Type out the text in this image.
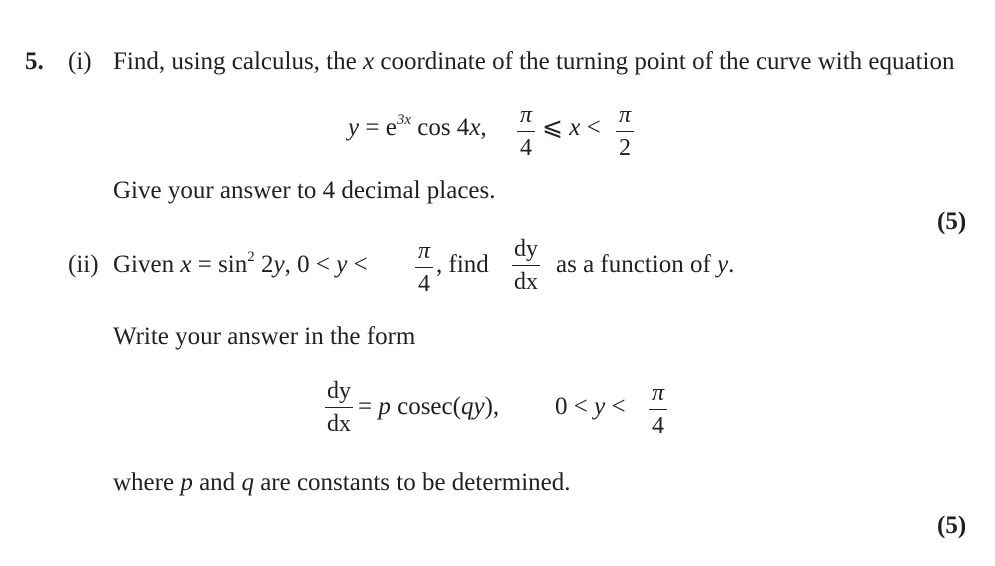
5. (i) Find, using calculus, the x coordinate of the turning point of the curve with equation
$y = e^{3x}$ cos 4x, π
4
⩽ x < π
2
Give your answer to 4 decimal places.
(5)
(ii) Given $x = \sin^2 2y$, 0 < y < π
4
, find
dy
dx
as a function of y.
Write your answer in the form
dy
dx
= p cosec(qy), 0 < y < π
4
where p and q are constants to be determined.
(5)
